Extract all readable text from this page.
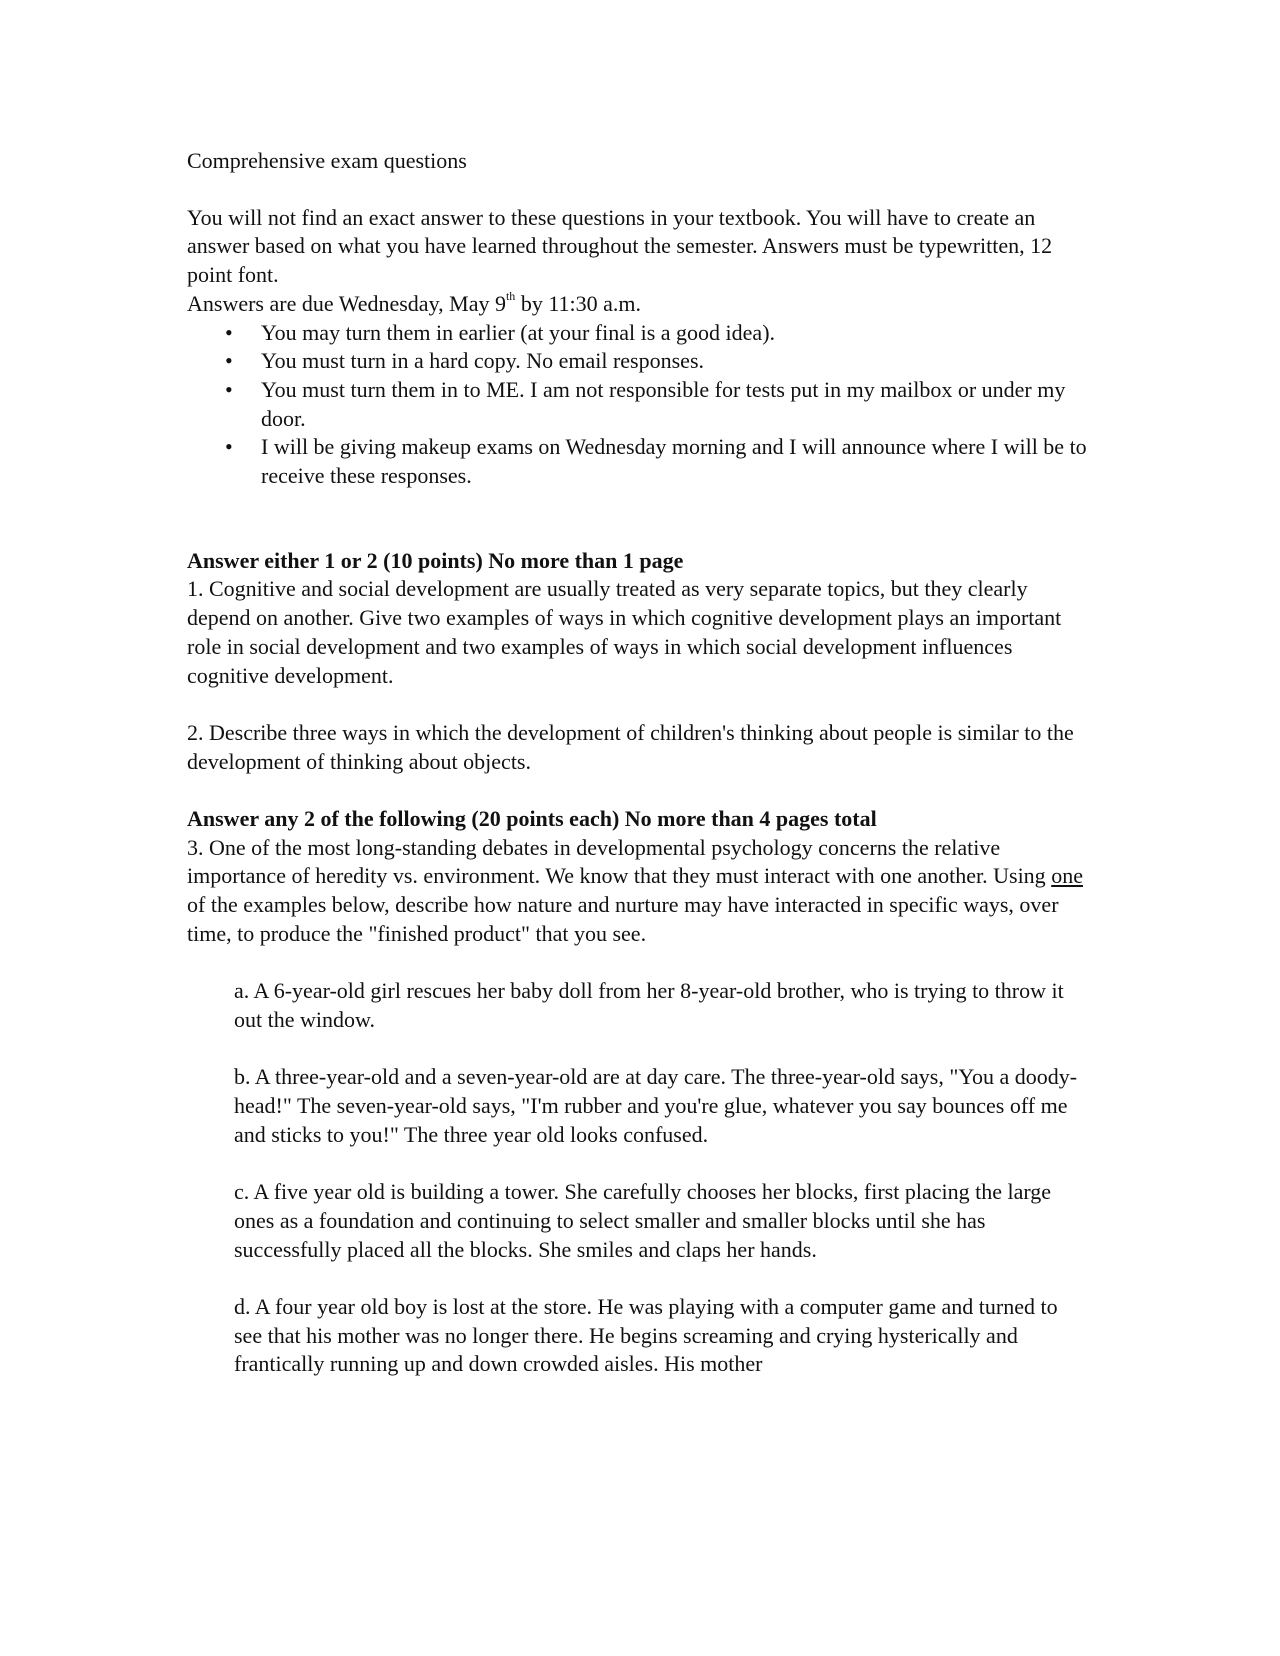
Comprehensive exam questions

You will not find an exact answer to these questions in your textbook. You will have to create an answer based on what you have learned throughout the semester. Answers must be typewritten, 12 point font.

Answers are due Wednesday, May 9th by 11:30 a.m.

• You may turn them in earlier (at your final is a good idea).
• You must turn in a hard copy. No email responses.
• You must turn them in to ME. I am not responsible for tests put in my mailbox or under my door.
• I will be giving makeup exams on Wednesday morning and I will announce where I will be to receive these responses.

Answer either 1 or 2 (10 points) No more than 1 page

1. Cognitive and social development are usually treated as very separate topics, but they clearly depend on another. Give two examples of ways in which cognitive development plays an important role in social development and two examples of ways in which social development influences cognitive development.

2. Describe three ways in which the development of children's thinking about people is similar to the development of thinking about objects.

Answer any 2 of the following (20 points each) No more than 4 pages total

3. One of the most long-standing debates in developmental psychology concerns the relative importance of heredity vs. environment. We know that they must interact with one another. Using one of the examples below, describe how nature and nurture may have interacted in specific ways, over time, to produce the "finished product" that you see.

a. A 6-year-old girl rescues her baby doll from her 8-year-old brother, who is trying to throw it out the window.

b. A three-year-old and a seven-year-old are at day care. The three-year-old says, "You a doody-head!" The seven-year-old says, "I'm rubber and you're glue, whatever you say bounces off me and sticks to you!" The three year old looks confused.

c. A five year old is building a tower. She carefully chooses her blocks, first placing the large ones as a foundation and continuing to select smaller and smaller blocks until she has successfully placed all the blocks. She smiles and claps her hands.

d. A four year old boy is lost at the store. He was playing with a computer game and turned to see that his mother was no longer there. He begins screaming and crying hysterically and frantically running up and down crowded aisles. His mother
